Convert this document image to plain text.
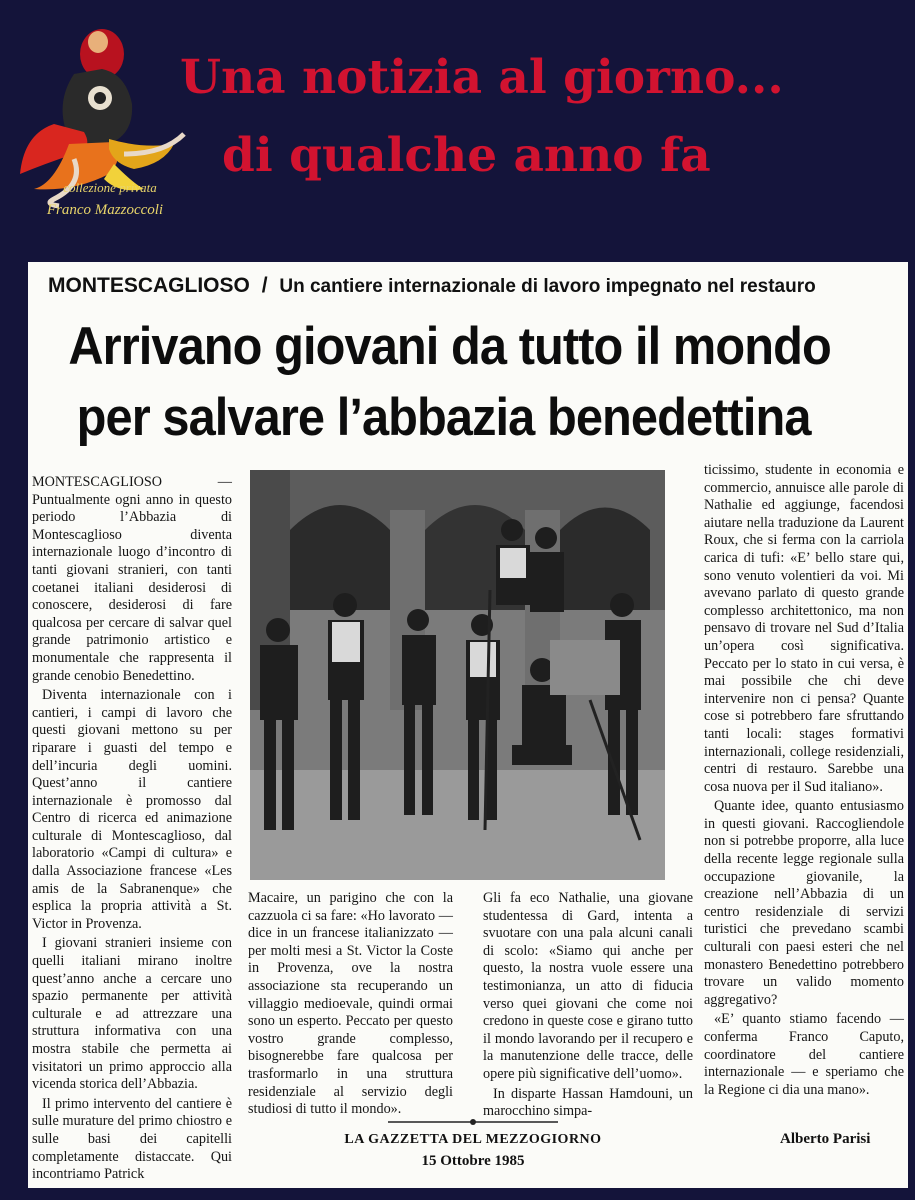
collezione privata
Franco Mazzoccoli
Una notizia al giorno...
di qualche anno fa
MONTESCAGLIOSO / Un cantiere internazionale di lavoro impegnato nel restauro
Arrivano giovani da tutto il mondo
per salvare l’abbazia benedettina

MONTESCAGLIOSO — Puntualmente ogni anno in questo periodo l’Abbazia di Montescaglioso diventa internazionale luogo d’incontro di tanti giovani stranieri, con tanti coetanei italiani desiderosi di conoscere, desiderosi di fare qualcosa per cercare di salvar quel grande patrimonio artistico e monumentale che rappresenta il grande cenobio Benedettino.

Diventa internazionale con i cantieri, i campi di lavoro che questi giovani mettono su per riparare i guasti del tempo e dell’incuria degli uomini. Quest’anno il cantiere internazionale è promosso dal Centro di ricerca ed animazione culturale di Montescaglioso, dal laboratorio «Campi di cultura» e dalla Associazione francese «Les amis de la Sabranenque» che esplica la propria attività a St. Victor in Provenza.

I giovani stranieri insieme con quelli italiani mirano inoltre quest’anno anche a cercare uno spazio permanente per attività culturale e ad attrezzare una struttura informativa con una mostra stabile che permetta ai visitatori un primo approccio alla vicenda storica dell’Abbazia.

Il primo intervento del cantiere è sulle murature del primo chiostro e sulle basi dei capitelli completamente distaccate. Qui incontriamo Patrick

Macaire, un parigino che con la cazzuola ci sa fare: «Ho lavorato — dice in un francese italianizzato — per molti mesi a St. Victor la Coste in Provenza, ove la nostra associazione sta recuperando un villaggio medioevale, quindi ormai sono un esperto. Peccato per questo vostro grande complesso, bisognerebbe fare qualcosa per trasformarlo in una struttura residenziale al servizio degli studiosi di tutto il mondo».

Gli fa eco Nathalie, una giovane studentessa di Gard, intenta a svuotare con una pala alcuni canali di scolo: «Siamo qui anche per questo, la nostra vuole essere una testimonianza, un atto di fiducia verso quei giovani che come noi credono in queste cose e girano tutto il mondo lavorando per il recupero e la manutenzione delle tracce, delle opere più significative dell’uomo».

In disparte Hassan Hamdouni, un marocchino simpa-

ticissimo, studente in economia e commercio, annuisce alle parole di Nathalie ed aggiunge, facendosi aiutare nella traduzione da Laurent Roux, che si ferma con la carriola carica di tufi: «E’ bello stare qui, sono venuto volentieri da voi. Mi avevano parlato di questo grande complesso architettonico, ma non pensavo di trovare nel Sud d’Italia un’opera così significativa. Peccato per lo stato in cui versa, è mai possibile che chi deve intervenire non ci pensa? Quante cose si potrebbero fare sfruttando tanti locali: stages formativi internazionali, college residenziali, centri di restauro. Sarebbe una cosa nuova per il Sud italiano».

Quante idee, quanto entusiasmo in questi giovani. Raccogliendole non si potrebbe proporre, alla luce della recente legge regionale sulla occupazione giovanile, la creazione nell’Abbazia di un centro residenziale di servizi turistici che prevedano scambi culturali con paesi esteri che nel monastero Benedettino potrebbero trovare un valido momento aggregativo?

«E’ quanto stiamo facendo — conferma Franco Caputo, coordinatore del cantiere internazionale — e speriamo che la Regione ci dia una mano».

Alberto Parisi
LA GAZZETTA DEL MEZZOGIORNO
15 Ottobre 1985
